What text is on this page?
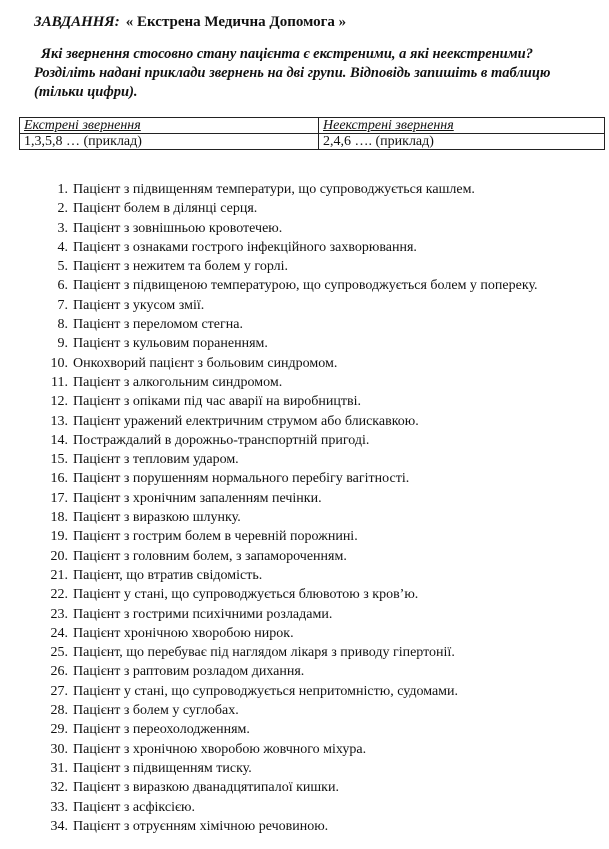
ЗАВДАННЯ: « Екстрена Медична Допомога »
Які звернення стосовно стану пацієнта є екстреними, а які неекстреними?
Розділіть надані приклади звернень на дві групи. Відповідь запишіть в таблицю
(тільки цифри).
Екстрені звернення	Неекстрені звернення
1,3,5,8 … (приклад)	2,4,6 …. (приклад)
1. Пацієнт з підвищенням температури, що супроводжується кашлем.
2. Пацієнт болем в ділянці серця.
3. Пацієнт з зовнішньою кровотечею.
4. Пацієнт з ознаками гострого інфекційного захворювання.
5. Пацієнт з нежитем та болем у горлі.
6. Пацієнт з підвищеною температурою, що супроводжується болем у попереку.
7. Пацієнт з укусом змії.
8. Пацієнт з переломом стегна.
9. Пацієнт з кульовим пораненням.
10. Онкохворий пацієнт з больовим синдромом.
11. Пацієнт з алкогольним синдромом.
12. Пацієнт з опіками під час аварії на виробництві.
13. Пацієнт уражений електричним струмом або блискавкою.
14. Постраждалий в дорожньо-транспортній пригоді.
15. Пацієнт з тепловим ударом.
16. Пацієнт з порушенням нормального перебігу вагітності.
17. Пацієнт з хронічним запаленням печінки.
18. Пацієнт з виразкою шлунку.
19. Пацієнт з гострим болем в черевній порожнині.
20. Пацієнт з головним болем, з запамороченням.
21. Пацієнт, що втратив свідомість.
22. Пацієнт у стані, що супроводжується блювотою з кров’ю.
23. Пацієнт з гострими психічними розладами.
24. Пацієнт хронічною хворобою нирок.
25. Пацієнт, що перебуває під наглядом лікаря з приводу гіпертонії.
26. Пацієнт з раптовим розладом дихання.
27. Пацієнт у стані, що супроводжується непритомністю, судомами.
28. Пацієнт з болем у суглобах.
29. Пацієнт з переохолодженням.
30. Пацієнт з хронічною хворобою жовчного міхура.
31. Пацієнт з підвищенням тиску.
32. Пацієнт з виразкою дванадцятипалої кишки.
33. Пацієнт з асфіксією.
34. Пацієнт з отруєнням хімічною речовиною.
